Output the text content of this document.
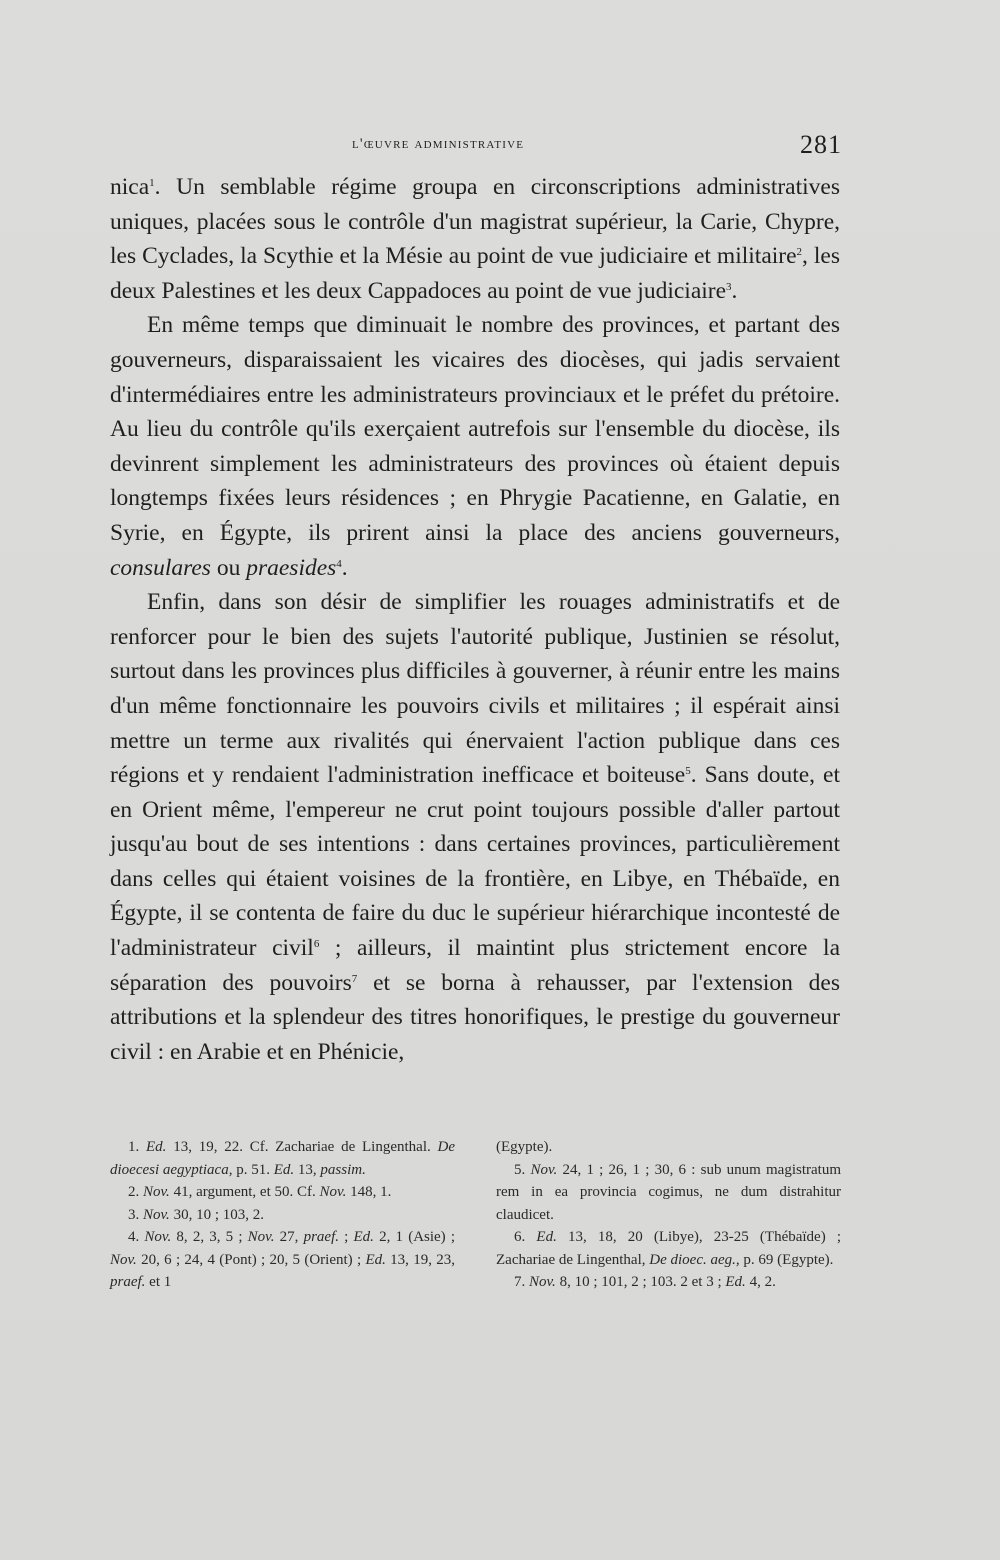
l'œuvre administrative	281

nica$^1$. Un semblable régime groupa en circonscriptions administratives uniques, placées sous le contrôle d'un magistrat supérieur, la Carie, Chypre, les Cyclades, la Scythie et la Mésie au point de vue judiciaire et militaire$^2$, les deux Palestines et les deux Cappadoces au point de vue judiciaire$^3$.

En même temps que diminuait le nombre des provinces, et partant des gouverneurs, disparaissaient les vicaires des diocèses, qui jadis servaient d'intermédiaires entre les administrateurs provinciaux et le préfet du prétoire. Au lieu du contrôle qu'ils exerçaient autrefois sur l'ensemble du diocèse, ils devinrent simplement les administrateurs des provinces où étaient depuis longtemps fixées leurs résidences ; en Phrygie Pacatienne, en Galatie, en Syrie, en Égypte, ils prirent ainsi la place des anciens gouverneurs, consulares ou praesides$^4$.

Enfin, dans son désir de simplifier les rouages administratifs et de renforcer pour le bien des sujets l'autorité publique, Justinien se résolut, surtout dans les provinces plus difficiles à gouverner, à réunir entre les mains d'un même fonctionnaire les pouvoirs civils et militaires ; il espérait ainsi mettre un terme aux rivalités qui énervaient l'action publique dans ces régions et y rendaient l'administration inefficace et boiteuse$^5$. Sans doute, et en Orient même, l'empereur ne crut point toujours possible d'aller partout jusqu'au bout de ses intentions : dans certaines provinces, particulièrement dans celles qui étaient voisines de la frontière, en Libye, en Thébaïde, en Égypte, il se contenta de faire du duc le supérieur hiérarchique incontesté de l'administrateur civil$^6$ ; ailleurs, il maintint plus strictement encore la séparation des pouvoirs$^7$ et se borna à rehausser, par l'extension des attributions et la splendeur des titres honorifiques, le prestige du gouverneur civil : en Arabie et en Phénicie,

1. Ed. 13, 19, 22. Cf. Zachariae de Lingenthal. De dioecesi aegyptiaca, p. 51. Ed. 13, passim.

2. Nov. 41, argument, et 50. Cf. Nov. 148, 1.

3. Nov. 30, 10 ; 103, 2.

4. Nov. 8, 2, 3, 5 ; Nov. 27, praef. ; Ed. 2, 1 (Asie) ; Nov. 20, 6 ; 24, 4 (Pont) ; 20, 5 (Orient) ; Ed. 13, 19, 23, praef. et 1

(Egypte).

5. Nov. 24, 1 ; 26, 1 ; 30, 6 : sub unum magistratum rem in ea provincia cogimus, ne dum distrahitur claudicet.

6. Ed. 13, 18, 20 (Libye), 23-25 (Thébaïde) ; Zachariae de Lingenthal, De dioec. aeg., p. 69 (Egypte).

7. Nov. 8, 10 ; 101, 2 ; 103. 2 et 3 ; Ed. 4, 2.
